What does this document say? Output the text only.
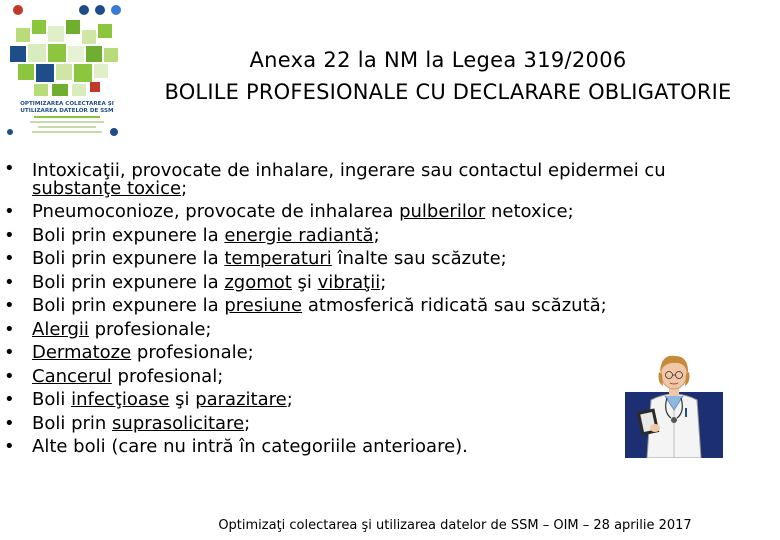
OPTIMIZAREA COLECTAREA ȘI
UTILIZAREA DATELOR DE SSM
Anexa 22 la NM la Legea 319/2006
BOLILE PROFESIONALE CU DECLARARE OBLIGATORIE
• Intoxicaţii, provocate de inhalare, ingerare sau contactul epidermei cu substanţe toxice;
• Pneumoconioze, provocate de inhalarea pulberilor netoxice;
• Boli prin expunere la energie radiantă;
• Boli prin expunere la temperaturi înalte sau scăzute;
• Boli prin expunere la zgomot şi vibraţii;
• Boli prin expunere la presiune atmosferică ridicată sau scăzută;
• Alergii profesionale;
• Dermatoze profesionale;
• Cancerul profesional;
• Boli infecţioase şi parazitare;
• Boli prin suprasolicitare;
• Alte boli (care nu intră în categoriile anterioare).
Optimizaţi colectarea şi utilizarea datelor de SSM – OIM – 28 aprilie 2017
